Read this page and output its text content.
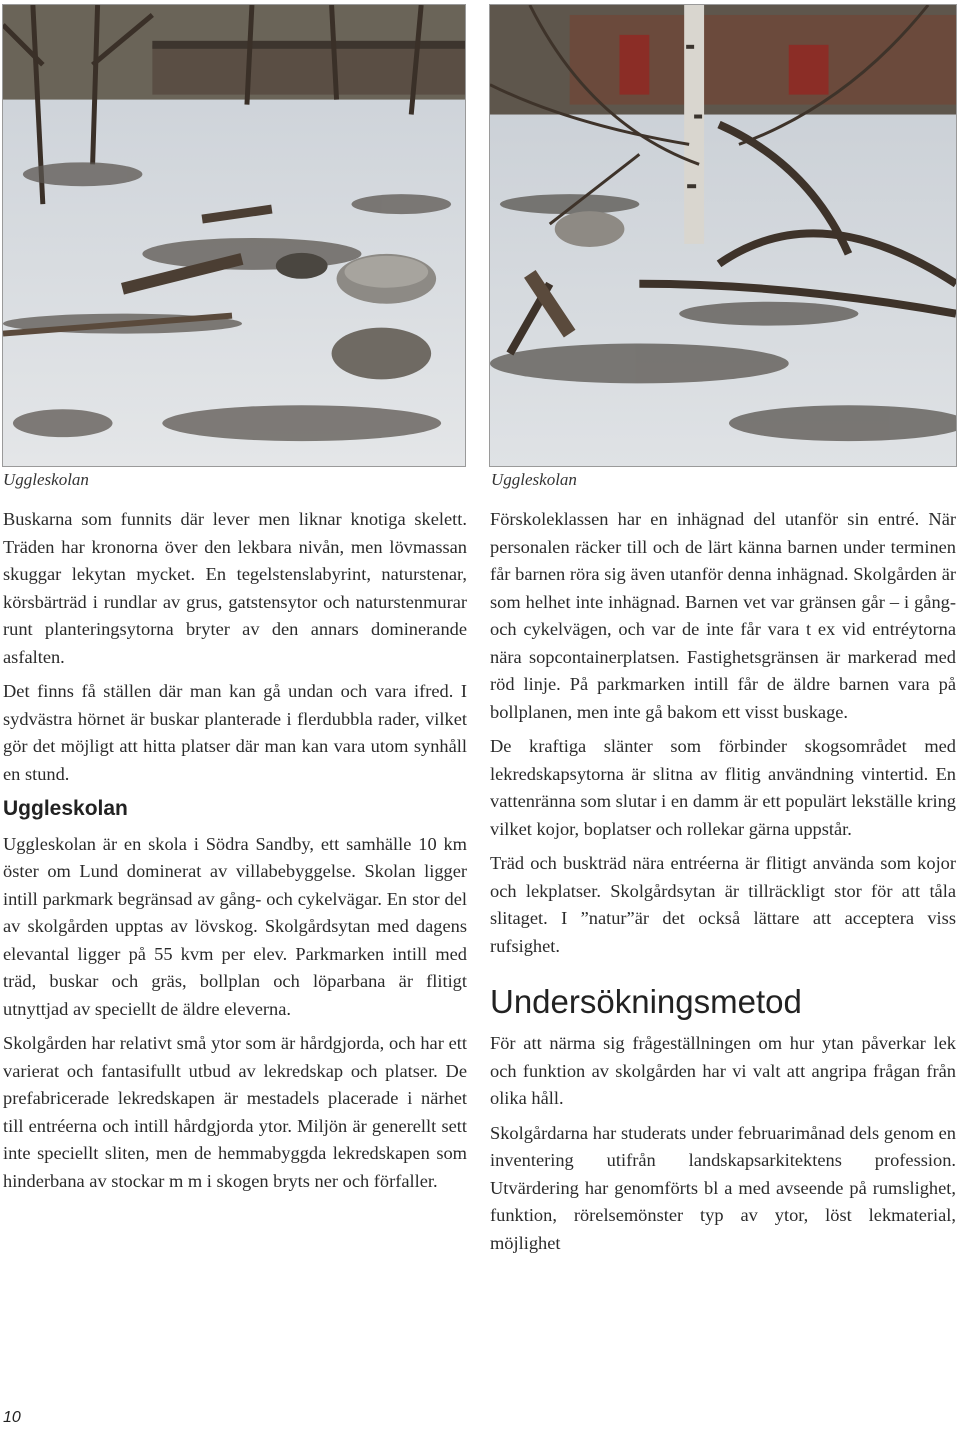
Uggleskolan	Uggleskolan

Buskarna som funnits där lever men liknar knotiga skelett. Träden har kronorna över den lekbara nivån, men lövmassan skuggar lekytan mycket. En tegelstenslabyrint, naturstenar, körsbärträd i rundlar av grus, gatstensytor och naturstenmurar runt planteringsytorna bryter av den annars dominerande asfalten.

Det finns få ställen där man kan gå undan och vara ifred. I sydvästra hörnet är buskar planterade i flerdubbla rader, vilket gör det möjligt att hitta platser där man kan vara utom synhåll en stund.

Uggleskolan

Uggleskolan är en skola i Södra Sandby, ett samhälle 10 km öster om Lund dominerat av villabebyggelse. Skolan ligger intill parkmark begränsad av gång- och cykelvägar. En stor del av skolgården upptas av lövskog. Skolgårdsytan med dagens elevantal ligger på 55 kvm per elev. Parkmarken intill med träd, buskar och gräs, bollplan och löparbana är flitigt utnyttjad av speciellt de äldre eleverna.

Skolgården har relativt små ytor som är hårdgjorda, och har ett varierat och fantasifullt utbud av lekredskap och platser. De prefabricerade lekredskapen är mestadels placerade i närhet till entréerna och intill hårdgjorda ytor. Miljön är generellt sett inte speciellt sliten, men de hemmabyggda lekredskapen som hinderbana av stockar m m i skogen bryts ner och förfaller.

Förskoleklassen har en inhägnad del utanför sin entré. När personalen räcker till och de lärt känna barnen under terminen får barnen röra sig även utanför denna inhägnad. Skolgården är som helhet inte inhägnad. Barnen vet var gränsen går – i gång- och cykelvägen, och var de inte får vara t ex vid entréytorna nära sopcontainerplatsen. Fastighetsgränsen är markerad med röd linje. På parkmarken intill får de äldre barnen vara på bollplanen, men inte gå bakom ett visst buskage.

De kraftiga slänter som förbinder skogsområdet med lekredskapsytorna är slitna av flitig användning vintertid. En vattenränna som slutar i en damm är ett populärt lekställe kring vilket kojor, boplatser och rollekar gärna uppstår.

Träd och buskträd nära entréerna är flitigt använda som kojor och lekplatser. Skolgårdsytan är tillräckligt stor för att tåla slitaget. I ”natur”är det också lättare att acceptera viss rufsighet.

Undersökningsmetod

För att närma sig frågeställningen om hur ytan påverkar lek och funktion av skolgården har vi valt att angripa frågan från olika håll.

Skolgårdarna har studerats under februarimånad dels genom en inventering utifrån landskapsarkitektens profession. Utvärdering har genomförts bl a med avseende på rumslighet, funktion, rörelsemönster typ av ytor, löst lekmaterial, möjlighet

10
